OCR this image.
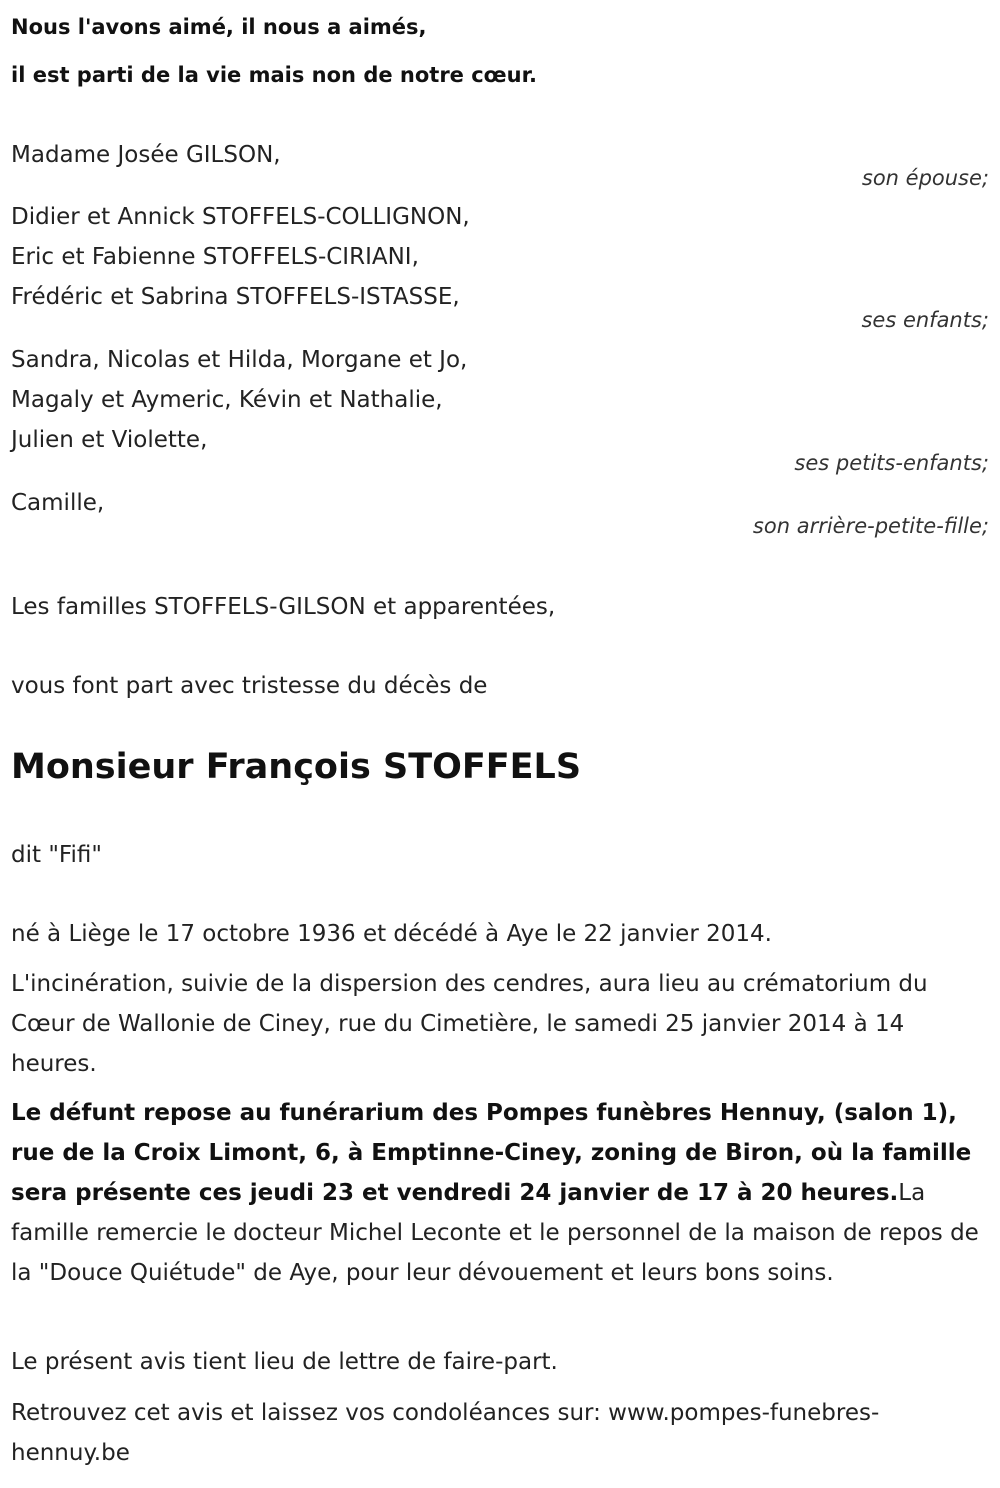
Nous l'avons aimé, il nous a aimés,
il est parti de la vie mais non de notre cœur.
Madame Josée GILSON,
son épouse;
Didier et Annick STOFFELS-COLLIGNON,
Eric et Fabienne STOFFELS-CIRIANI,
Frédéric et Sabrina STOFFELS-ISTASSE,
ses enfants;
Sandra, Nicolas et Hilda, Morgane et Jo,
Magaly et Aymeric, Kévin et Nathalie,
Julien et Violette,
ses petits-enfants;
Camille,
son arrière-petite-fille;
Les familles STOFFELS-GILSON et apparentées,
vous font part avec tristesse du décès de
Monsieur François STOFFELS
dit "Fifi"

né à Liège le 17 octobre 1936 et décédé à Aye le 22 janvier 2014.

L'incinération, suivie de la dispersion des cendres, aura lieu au crématorium du Cœur de Wallonie de Ciney, rue du Cimetière, le samedi 25 janvier 2014 à 14 heures.

Le défunt repose au funérarium des Pompes funèbres Hennuy, (salon 1), rue de la Croix Limont, 6, à Emptinne-Ciney, zoning de Biron, où la famille sera présente ces jeudi 23 et vendredi 24 janvier de 17 à 20 heures.La famille remercie le docteur Michel Leconte et le personnel de la maison de repos de la "Douce Quiétude" de Aye, pour leur dévouement et leurs bons soins.

Le présent avis tient lieu de lettre de faire-part.

Retrouvez cet avis et laissez vos condoléances sur: www.pompes-funebres-hennuy.be
